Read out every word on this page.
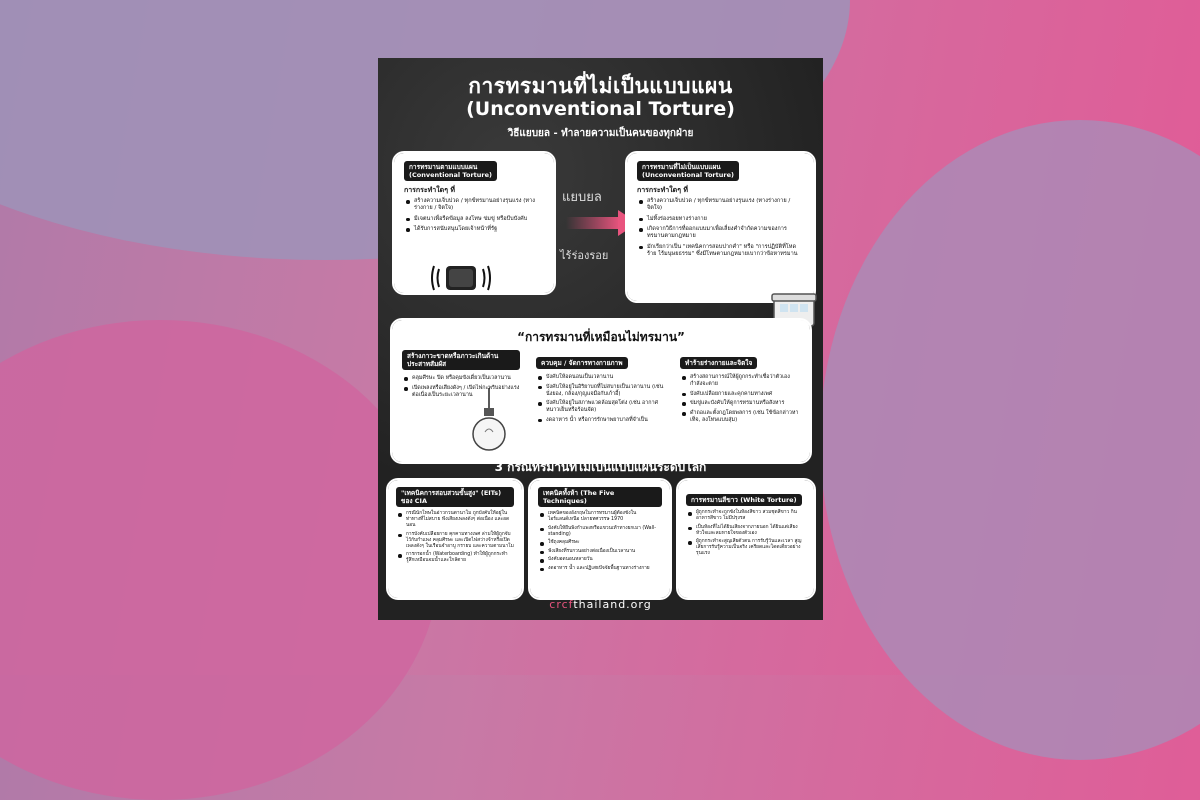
การทรมานที่ไม่เป็นแบบแผน
(Unconventional Torture)
วิธีแยบยล - ทำลายความเป็นคนของทุกฝ่าย
การทรมานตามแบบแผน
(Conventional Torture)
การกระทำใดๆ ที่
สร้างความเจ็บปวด / ทุกข์ทรมานอย่างรุนแรง (ทางร่างกาย / จิตใจ)
มีเจตนาเพื่อรีดข้อมูล ลงโทษ ข่มขู่ หรือบีบบังคับ
ได้รับการสนับสนุนโดยเจ้าหน้าที่รัฐ
แยบยล
ไร้ร่องรอย
การทรมานที่ไม่เป็นแบบแผน
(Unconventional Torture)
การกระทำใดๆ ที่
สร้างความเจ็บปวด / ทุกข์ทรมานอย่างรุนแรง (ทางร่างกาย / จิตใจ)
ไม่ทิ้งร่องรอยทางร่างกาย
เกิดจากวิธีการที่ออกแบบมาเพื่อเลี่ยงคำจำกัดความของการทรมานตามกฎหมาย
มักเรียกว่าเป็น "เทคนิคการสอบปากคำ" หรือ "การปฏิบัติที่โหดร้าย ไร้มนุษยธรรม" ซึ่งมีโทษตามกฎหมายเบากว่าข้อหาทรมาน
“การทรมานที่เหมือนไม่ทรมาน”
สร้างภาวะขาดหรือภาวะเกินด้านประสาทสัมผัส
คลุมศีรษะ ปิด หรือคุมขังเดี่ยวเป็นเวลานาน
เปิดเพลงหรือเสียงดังๆ / เปิดไฟกะพริบอย่างแรงต่อเนื่องเป็นระยะเวลานาน
ควบคุม / จัดการทางกายภาพ
บังคับให้อดนอนเป็นเวลานาน
บังคับให้อยู่ในอิริยาบถที่ไม่สบายเป็นเวลานาน (เช่น นั่งยอง, กล้อง/กุญแจมือกับเก้าอี้)
บังคับให้อยู่ในสภาพแวดล้อมสุดโต่ง (เช่น อากาศหนาวเย็นหรือร้อนจัด)
งดอาหาร น้ำ หรือการรักษาพยาบาลที่จำเป็น
ทำร้ายร่างกายและจิตใจ
สร้างสถานการณ์ให้ผู้ถูกกระทำเชื่อว่าตัวเองกำลังจะตาย
บังคับเปลือยกายและคุกคามทางเพศ
ข่มขู่และบังคับให้ดูการทรมานหรือสังหาร
ดำถอและตั้งกฎโดยพลการ (เช่น ใช้ข้อกล่าวหาเท็จ, ลงโทษแบบสุ่ม)
3 กรณีทรมานที่ไม่เป็นแบบแผนระดับโลก
"เทคนิคการสอบสวนขั้นสูง" (EITs) ของ CIA
กรณีนักโทษในอ่าวกวนตานาโม ถูกบังคับให้อยู่ในท่าทางที่ไม่สบาย ฟังเสียงเพลงดังๆ ต่อเนื่อง และอดนอน
การบังคับเปลือยกาย คุกคามทางเพศ ล่ามให้ผู้ถูกจับไว้กับกำแพง คลุมศีรษะ และเปิดไฟสว่างจ้าหรือเปิดเพลงดังๆ ในเรือนจำอาบู กรายบ และความตามนาโม
การกรอกน้ำ (Waterboarding) ทำให้ผู้ถูกกระทำรู้สึกเหมือนจมน้ำและใกล้ตาย
เทคนิคทั้งห้า (The Five Techniques)
เทคนิคของอังกฤษในการทรมานผู้ต้องขังในไอร์แลนด์เหนือ ปลายทศวรรษ 1970
บังคับให้ยืนพิงกำแพงหรือแขวนเท้าทางยกเมา (Wall-standing)
ใช้ถุงคลุมศีรษะ
ฟังเสียงที่รบกวนอย่างต่อเนื่องเป็นเวลานาน
บังคับอดนอนหลายวัน
งดอาหาร น้ำ และปฏิเสธปัจจัยพื้นฐานทางร่างกาย
การทรมานสีขาว (White Torture)
ผู้ถูกกระทำจะถูกขังในห้องสีขาว สวมชุดสีขาว กินอาหารสีขาว ไม่มีปรุงรส
เป็นห้องที่ไม่ได้ยินเสียงจากภายนอก ได้ยินแต่เสียงหัวใจและลมหายใจของตัวเอง
ผู้ถูกกระทำจะสูญเสียตัวตน การรับรู้วันและเวลา สูญเสียการรับรู้ความเป็นจริง เครียดและโดดเดี่ยวอย่างรุนแรง
crcfthailand.org
